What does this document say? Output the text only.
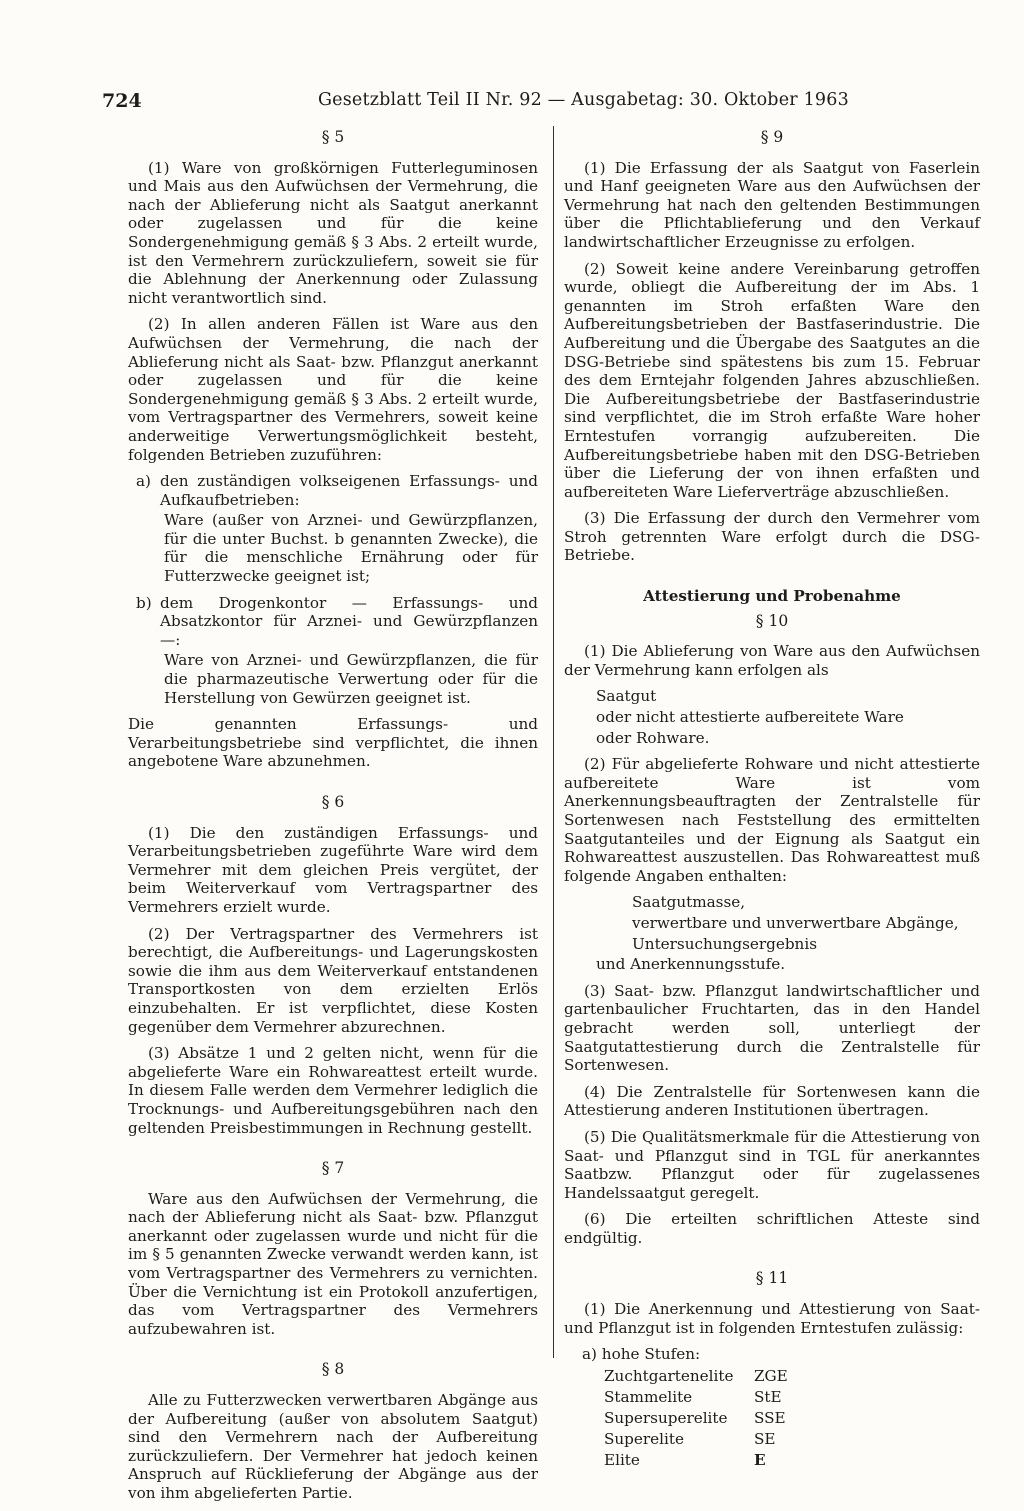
724	Gesetzblatt Teil II Nr. 92 — Ausgabetag: 30. Oktober 1963
§ 5

(1) Ware von großkörnigen Futterleguminosen und Mais aus den Aufwüchsen der Vermehrung, die nach der Ablieferung nicht als Saatgut anerkannt oder zugelassen und für die keine Sondergenehmigung gemäß § 3 Abs. 2 erteilt wurde, ist den Vermehrern zurückzuliefern, soweit sie für die Ablehnung der Anerkennung oder Zulassung nicht verantwortlich sind.

(2) In allen anderen Fällen ist Ware aus den Aufwüchsen der Vermehrung, die nach der Ablieferung nicht als Saat- bzw. Pflanzgut anerkannt oder zugelassen und für die keine Sondergenehmigung gemäß § 3 Abs. 2 erteilt wurde, vom Vertragspartner des Vermehrers, soweit keine anderweitige Verwertungsmöglichkeit besteht, folgenden Betrieben zuzuführen:

a) den zuständigen volkseigenen Erfassungs- und Aufkaufbetrieben:
Ware (außer von Arznei- und Gewürzpflanzen, für die unter Buchst. b genannten Zwecke), die für die menschliche Ernährung oder für Futterzwecke geeignet ist;
b) dem Drogenkontor — Erfassungs- und Absatzkontor für Arznei- und Gewürzpflanzen —:
Ware von Arznei- und Gewürzpflanzen, die für die pharmazeutische Verwertung oder für die Herstellung von Gewürzen geeignet ist.

Die genannten Erfassungs- und Verarbeitungsbetriebe sind verpflichtet, die ihnen angebotene Ware abzunehmen.

§ 6

(1) Die den zuständigen Erfassungs- und Verarbeitungsbetrieben zugeführte Ware wird dem Vermehrer mit dem gleichen Preis vergütet, der beim Weiterverkauf vom Vertragspartner des Vermehrers erzielt wurde.

(2) Der Vertragspartner des Vermehrers ist berechtigt, die Aufbereitungs- und Lagerungskosten sowie die ihm aus dem Weiterverkauf entstandenen Transportkosten von dem erzielten Erlös einzubehalten. Er ist verpflichtet, diese Kosten gegenüber dem Vermehrer abzurechnen.

(3) Absätze 1 und 2 gelten nicht, wenn für die abgelieferte Ware ein Rohwareattest erteilt wurde. In diesem Falle werden dem Vermehrer lediglich die Trocknungs- und Aufbereitungsgebühren nach den geltenden Preisbestimmungen in Rechnung gestellt.

§ 7

Ware aus den Aufwüchsen der Vermehrung, die nach der Ablieferung nicht als Saat- bzw. Pflanzgut anerkannt oder zugelassen wurde und nicht für die im § 5 genannten Zwecke verwandt werden kann, ist vom Vertragspartner des Vermehrers zu vernichten. Über die Vernichtung ist ein Protokoll anzufertigen, das vom Vertragspartner des Vermehrers aufzubewahren ist.

§ 8

Alle zu Futterzwecken verwertbaren Abgänge aus der Aufbereitung (außer von absolutem Saatgut) sind den Vermehrern nach der Aufbereitung zurückzuliefern. Der Vermehrer hat jedoch keinen Anspruch auf Rücklieferung der Abgänge aus der von ihm abgelieferten Partie.

§ 9

(1) Die Erfassung der als Saatgut von Faserlein und Hanf geeigneten Ware aus den Aufwüchsen der Vermehrung hat nach den geltenden Bestimmungen über die Pflichtablieferung und den Verkauf landwirtschaftlicher Erzeugnisse zu erfolgen.

(2) Soweit keine andere Vereinbarung getroffen wurde, obliegt die Aufbereitung der im Abs. 1 genannten im Stroh erfaßten Ware den Aufbereitungsbetrieben der Bastfaserindustrie. Die Aufbereitung und die Übergabe des Saatgutes an die DSG-Betriebe sind spätestens bis zum 15. Februar des dem Erntejahr folgenden Jahres abzuschließen. Die Aufbereitungsbetriebe der Bastfaserindustrie sind verpflichtet, die im Stroh erfaßte Ware hoher Erntestufen vorrangig aufzubereiten. Die Aufbereitungsbetriebe haben mit den DSG-Betrieben über die Lieferung der von ihnen erfaßten und aufbereiteten Ware Lieferverträge abzuschließen.

(3) Die Erfassung der durch den Vermehrer vom Stroh getrennten Ware erfolgt durch die DSG-Betriebe.

Attestierung und Probenahme
§ 10

(1) Die Ablieferung von Ware aus den Aufwüchsen der Vermehrung kann erfolgen als

Saatgut
oder nicht attestierte aufbereitete Ware
oder Rohware.

(2) Für abgelieferte Rohware und nicht attestierte aufbereitete Ware ist vom Anerkennungsbeauftragten der Zentralstelle für Sortenwesen nach Feststellung des ermittelten Saatgutanteiles und der Eignung als Saatgut ein Rohwareattest auszustellen. Das Rohwareattest muß folgende Angaben enthalten:

Saatgutmasse,
verwertbare und unverwertbare Abgänge,
Untersuchungsergebnis
und Anerkennungsstufe.

(3) Saat- bzw. Pflanzgut landwirtschaftlicher und gartenbaulicher Fruchtarten, das in den Handel gebracht werden soll, unterliegt der Saatgutattestierung durch die Zentralstelle für Sortenwesen.

(4) Die Zentralstelle für Sortenwesen kann die Attestierung anderen Institutionen übertragen.

(5) Die Qualitätsmerkmale für die Attestierung von Saat- und Pflanzgut sind in TGL für anerkanntes Saatbzw. Pflanzgut oder für zugelassenes Handelssaatgut geregelt.

(6) Die erteilten schriftlichen Atteste sind endgültig.

§ 11

(1) Die Anerkennung und Attestierung von Saat- und Pflanzgut ist in folgenden Erntestufen zulässig:

a) hohe Stufen:
Zuchtgartenelite	ZGE
Stammelite	StE
Supersuperelite	SSE
Superelite	SE
Elite	E
